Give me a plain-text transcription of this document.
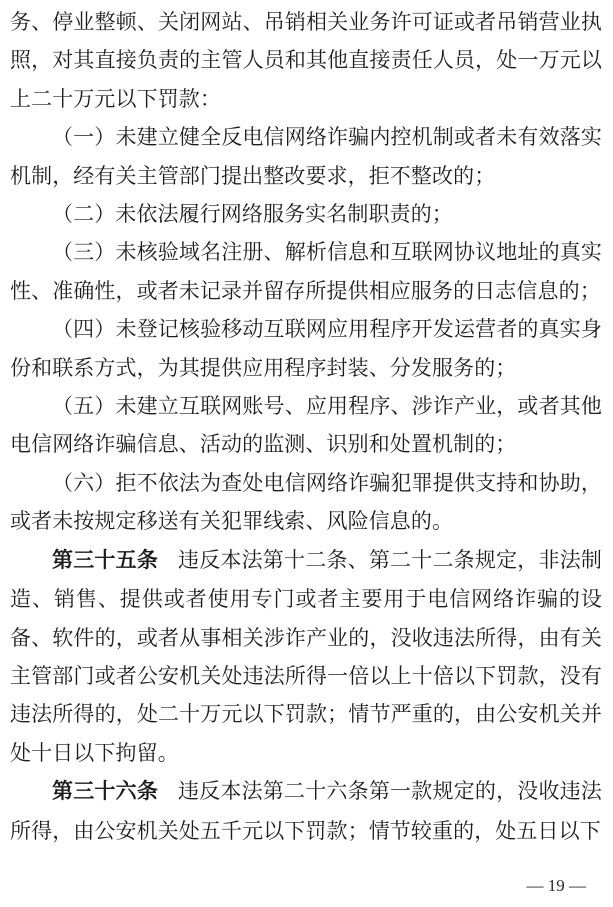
务、停业整顿、关闭网站、吊销相关业务许可证或者吊销营业执照，对其直接负责的主管人员和其他直接责任人员，处一万元以上二十万元以下罚款：

（一）未建立健全反电信网络诈骗内控机制或者未有效落实机制，经有关主管部门提出整改要求，拒不整改的；

（二）未依法履行网络服务实名制职责的；

（三）未核验域名注册、解析信息和互联网协议地址的真实性、准确性，或者未记录并留存所提供相应服务的日志信息的；

（四）未登记核验移动互联网应用程序开发运营者的真实身份和联系方式，为其提供应用程序封装、分发服务的；

（五）未建立互联网账号、应用程序、涉诈产业，或者其他电信网络诈骗信息、活动的监测、识别和处置机制的；

（六）拒不依法为查处电信网络诈骗犯罪提供支持和协助，或者未按规定移送有关犯罪线索、风险信息的。

第三十五条 违反本法第十二条、第二十二条规定，非法制造、销售、提供或者使用专门或者主要用于电信网络诈骗的设备、软件的，或者从事相关涉诈产业的，没收违法所得，由有关主管部门或者公安机关处违法所得一倍以上十倍以下罚款，没有违法所得的，处二十万元以下罚款；情节严重的，由公安机关并处十日以下拘留。

第三十六条 违反本法第二十六条第一款规定的，没收违法所得，由公安机关处五千元以下罚款；情节较重的，处五日以下

— 19 —
